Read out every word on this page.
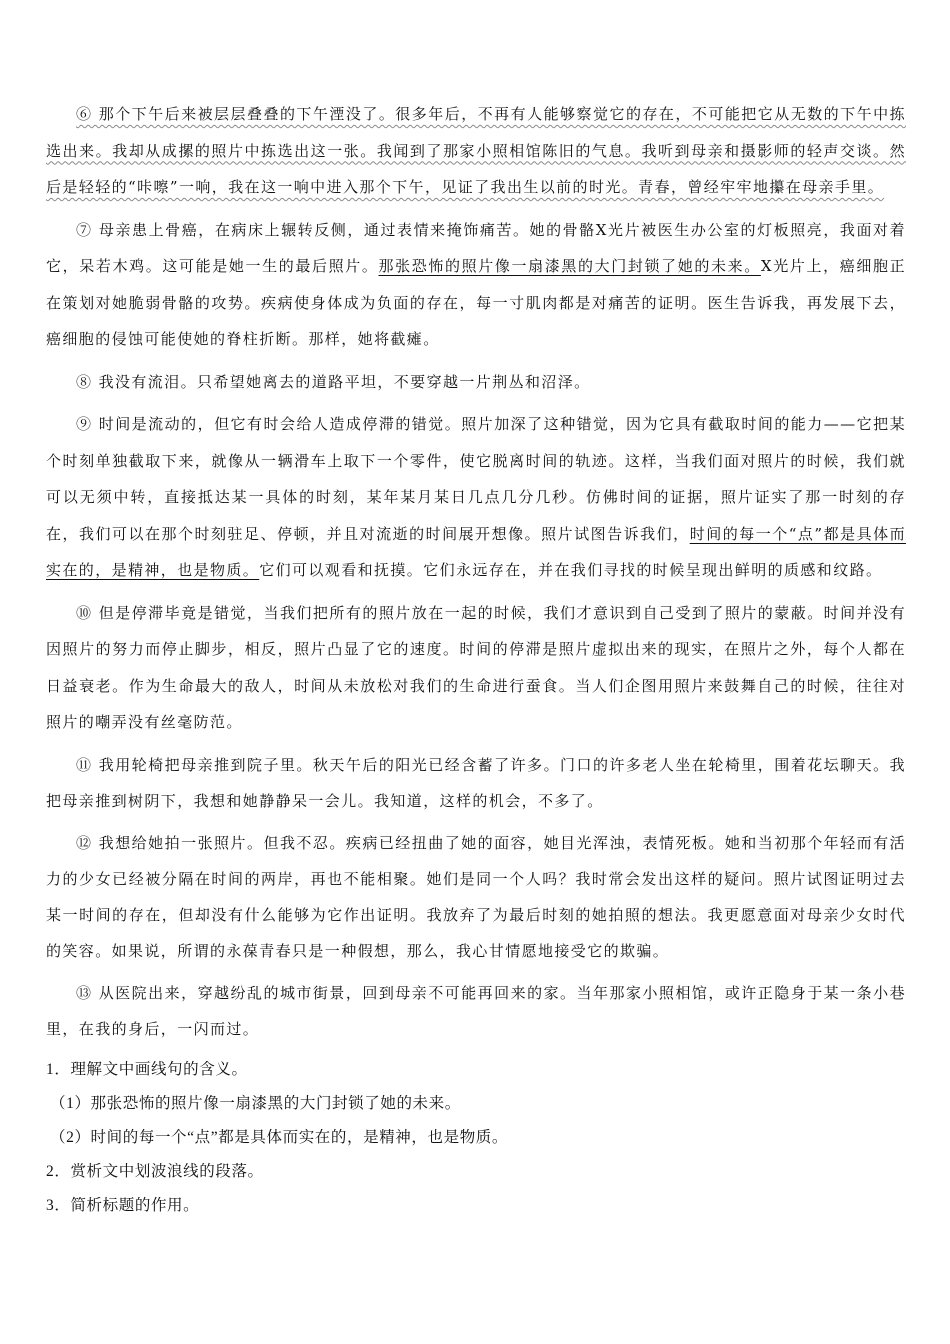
⑥ 那个下午后来被层层叠叠的下午湮没了。很多年后，不再有人能够察觉它的存在，不可能把它从无数的下午中拣选出来。我却从成摞的照片中拣选出这一张。我闻到了那家小照相馆陈旧的气息。我听到母亲和摄影师的轻声交谈。然后是轻轻的“咔嚓”一响，我在这一响中进入那个下午，见证了我出生以前的时光。青春，曾经牢牢地攥在母亲手里。

⑦ 母亲患上骨癌，在病床上辗转反侧，通过表情来掩饰痛苦。她的骨骼X光片被医生办公室的灯板照亮，我面对着它，呆若木鸡。这可能是她一生的最后照片。那张恐怖的照片像一扇漆黑的大门封锁了她的未来。X光片上，癌细胞正在策划对她脆弱骨骼的攻势。疾病使身体成为负面的存在，每一寸肌肉都是对痛苦的证明。医生告诉我，再发展下去，癌细胞的侵蚀可能使她的脊柱折断。那样，她将截瘫。

⑧ 我没有流泪。只希望她离去的道路平坦，不要穿越一片荆丛和沼泽。

⑨ 时间是流动的，但它有时会给人造成停滞的错觉。照片加深了这种错觉，因为它具有截取时间的能力——它把某个时刻单独截取下来，就像从一辆滑车上取下一个零件，使它脱离时间的轨迹。这样，当我们面对照片的时候，我们就可以无须中转，直接抵达某一具体的时刻，某年某月某日几点几分几秒。仿佛时间的证据，照片证实了那一时刻的存在，我们可以在那个时刻驻足、停顿，并且对流逝的时间展开想像。照片试图告诉我们，时间的每一个“点”都是具体而实在的，是精神，也是物质。它们可以观看和抚摸。它们永远存在，并在我们寻找的时候呈现出鲜明的质感和纹路。

⑩ 但是停滞毕竟是错觉，当我们把所有的照片放在一起的时候，我们才意识到自己受到了照片的蒙蔽。时间并没有因照片的努力而停止脚步，相反，照片凸显了它的速度。时间的停滞是照片虚拟出来的现实，在照片之外，每个人都在日益衰老。作为生命最大的敌人，时间从未放松对我们的生命进行蚕食。当人们企图用照片来鼓舞自己的时候，往往对照片的嘲弄没有丝毫防范。

⑪ 我用轮椅把母亲推到院子里。秋天午后的阳光已经含蓄了许多。门口的许多老人坐在轮椅里，围着花坛聊天。我把母亲推到树阴下，我想和她静静呆一会儿。我知道，这样的机会，不多了。

⑫ 我想给她拍一张照片。但我不忍。疾病已经扭曲了她的面容，她目光浑浊，表情死板。她和当初那个年轻而有活力的少女已经被分隔在时间的两岸，再也不能相聚。她们是同一个人吗？我时常会发出这样的疑问。照片试图证明过去某一时间的存在，但却没有什么能够为它作出证明。我放弃了为最后时刻的她拍照的想法。我更愿意面对母亲少女时代的笑容。如果说，所谓的永葆青春只是一种假想，那么，我心甘情愿地接受它的欺骗。

⑬ 从医院出来，穿越纷乱的城市街景，回到母亲不可能再回来的家。当年那家小照相馆，或许正隐身于某一条小巷里，在我的身后，一闪而过。

1．理解文中画线句的含义。

（1）那张恐怖的照片像一扇漆黑的大门封锁了她的未来。

（2）时间的每一个“点”都是具体而实在的，是精神，也是物质。

2．赏析文中划波浪线的段落。

3．简析标题的作用。
